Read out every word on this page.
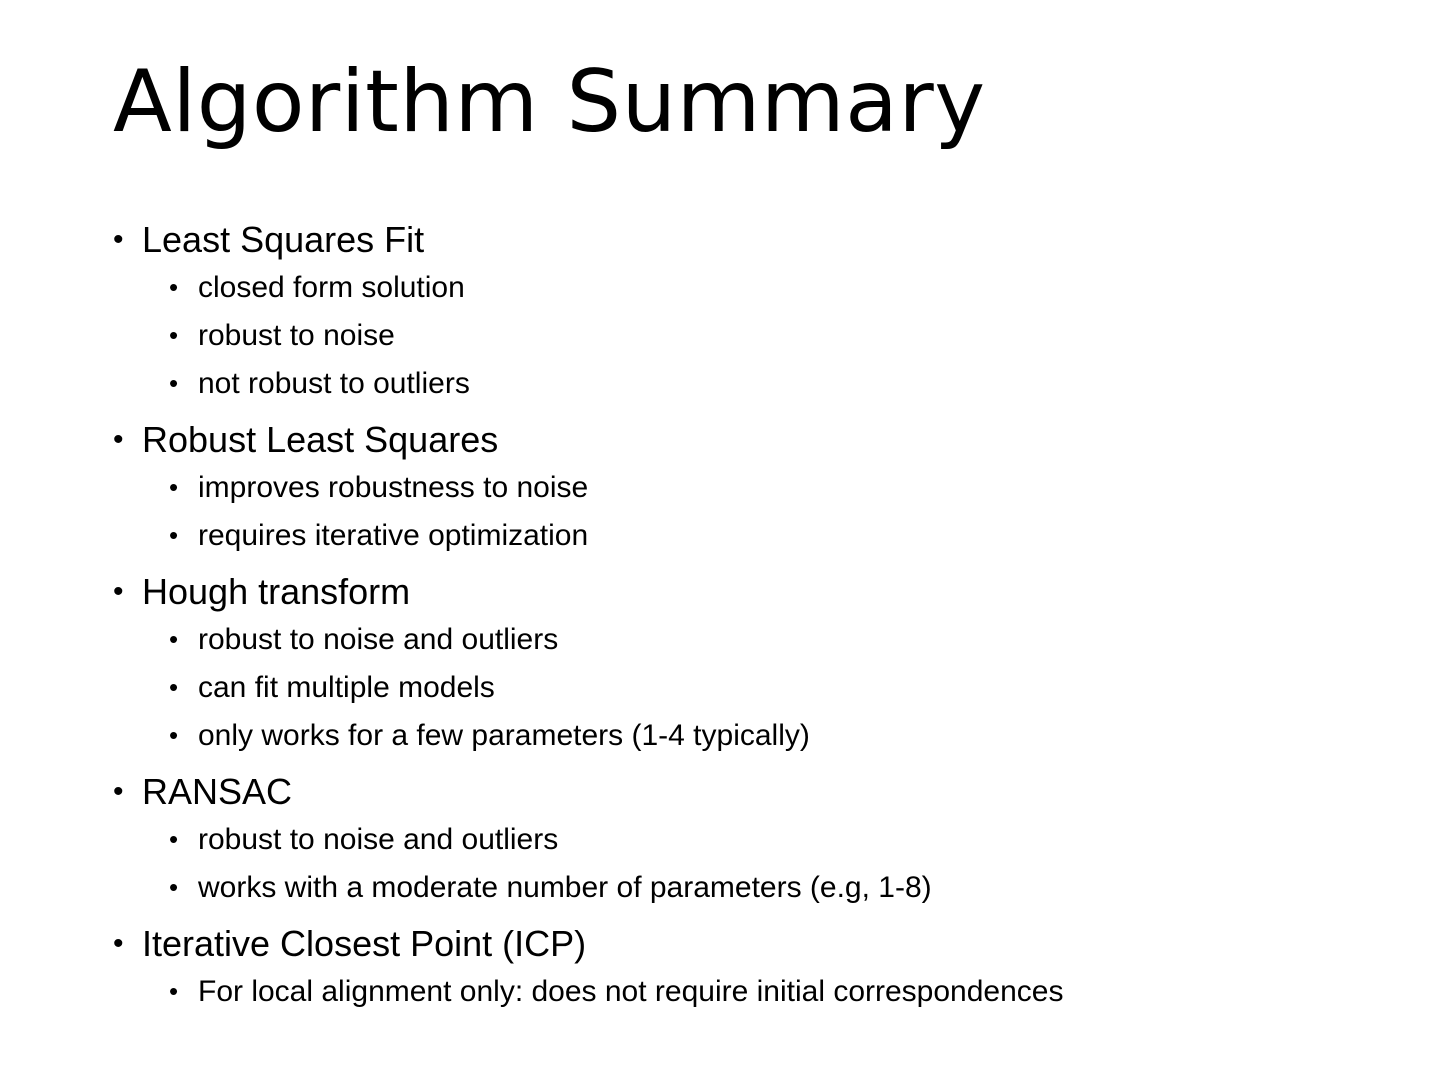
Algorithm Summary
• Least Squares Fit
• closed form solution
• robust to noise
• not robust to outliers
• Robust Least Squares
• improves robustness to noise
• requires iterative optimization
• Hough transform
• robust to noise and outliers
• can fit multiple models
• only works for a few parameters (1-4 typically)
• RANSAC
• robust to noise and outliers
• works with a moderate number of parameters (e.g, 1-8)
• Iterative Closest Point (ICP)
• For local alignment only: does not require initial correspondences
